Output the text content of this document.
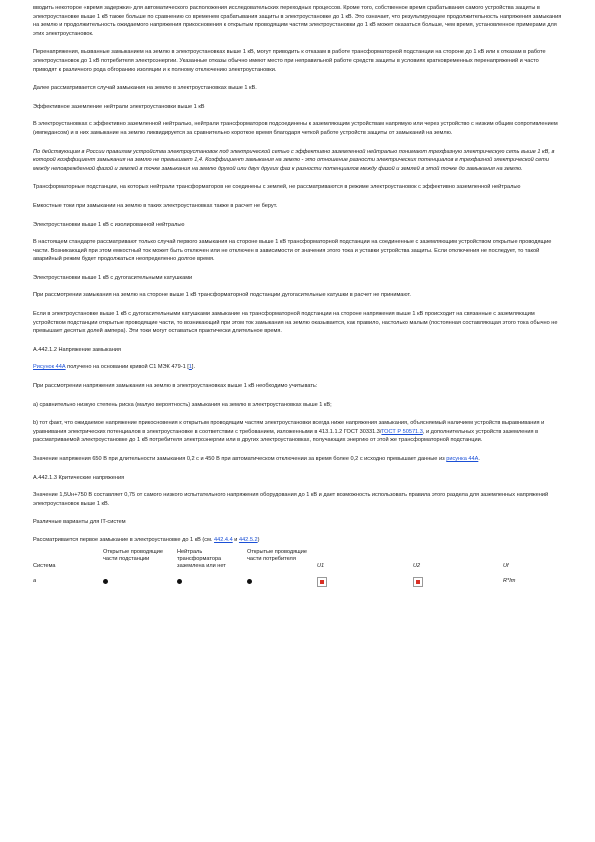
вводить некоторое «время задержки» для автоматического расположения исследовательских переходных процессов. Кроме того, собственное время срабатывания самого устройства защиты в электроустановке выше 1 кВ также больше по сравнению со временем срабатывания защиты в электроустановке до 1 кВ. Это означает, что результирующее продолжительность напряжения замыкания на землю и продолжительность ожидаемого напряжения прикосновения к открытым проводящим частям электроустановки до 1 кВ может оказаться больше, чем время, установленное примерами для этих электроустановок.

Перенапряжения, вызванные замыканием на землю в электроустановках выше 1 кВ, могут приводить к отказам в работе трансформаторной подстанции на стороне до 1 кВ или к отказам в работе электроустановок до 1 кВ потребителя электроэнергии. Указанные отказы обычно имеют место при неправильной работе средств защиты в условиях кратковременных перенапряжений и часто приводят к различного рода обгоранию изоляции и к полному отключению электроустановки.

Далее рассматривается случай замыкания на землю в электроустановках выше 1 кВ.

Эффективное заземление нейтрали электроустановки выше 1 кВ

В электроустановках с эффективно заземленной нейтралью, нейтрали трансформаторов подсоединены к заземляющим устройствам напрямую или через устройство с низким общим сопротивлением (импедансом) и в них замыкание на землю ликвидируется за сравнительно короткое время благодаря четкой работе устройств защиты от замыканий на землю.

По действующим в России правилам устройства электроустановок под электрической сетью с эффективно заземленной нейтралью понимают трехфазную электрическую сеть выше 1 кВ, в которой коэффициент замыкания на землю не превышает 1,4. Коэффициент замыкания на землю - это отношение разности электрических потенциалов в трехфазной электрической сети между неповрежденной фазой и землей в точке замыкания на землю другой или двух других фаз к разности потенциалов между фазой и землей в этой точке до замыкания на землю.

Трансформаторные подстанции, на которых нейтрали трансформаторов не соединены с землей, не рассматриваются в режиме электроустановок с эффективно заземленной нейтралью

Емкостные токи при замыкании на землю в таких электроустановках также в расчет не берут.

Электроустановки выше 1 кВ с изолированной нейтралью

В настоящем стандарте рассматривают только случай первого замыкания на стороне выше 1 кВ трансформаторной подстанции на соединенные с заземляющим устройством открытые проводящие части. Возникающий при этом емкостный ток может быть отключен или не отключен в зависимости от значения этого тока и уставки устройства защиты. Если отключения не последует, то такой аварийный режим будет продолжаться неопределенно долгое время.

Электроустановки выше 1 кВ с дугогасительными катушками

При рассмотрении замыкания на землю на стороне выше 1 кВ трансформаторной подстанции дугогасительные катушки в расчет не принимают.

Если в электроустановке выше 1 кВ с дугогасительными катушками замыкание на трансформаторной подстанции на стороне напряжения выше 1 кВ происходит на связанные с заземляющим устройством подстанции открытые проводящие части, то возникающий при этом ток замыкания на землю оказывается, как правило, настолько малым (постоянная составляющая этого тока обычно не превышает десятых долей ампера). Эти токи могут оставаться практически длительное время.

А.442.1.2 Напряжение замыкания

Рисунок 44А получено на основании кривой С1 МЭК 479-1 [1].

При рассмотрении напряжения замыкания на землю в электроустановках выше 1 кВ необходимо учитывать:

а) сравнительно низкую степень риска (малую вероятность) замыкания на землю в электроустановках выше 1 кВ;

b) тот факт, что ожидаемое напряжение прикосновения к открытым проводящим частям электроустановки всегда ниже напряжения замыкания, объясняемый наличием устройств выравнивания и уравнивания электрических потенциалов в электроустановке в соответствии с требованием, изложенными в 413.1.1.2 ГОСТ 30331.3/ГОСТ Р 50571.3, и дополнительных устройств заземления в рассматриваемой электроустановке до 1 кВ потребителя электроэнергии или в других электроустановках, получающих энергию от этой же трансформаторной подстанции.

Значение напряжения 650 В при длительности замыкания 0,2 с и 450 В при автоматическом отключении за время более 0,2 с исходно превышает данные из рисунка 44А.

А.442.1.3 Критические напряжения

Значение 1,5Uн+750 В составляет 0,75 от самого низкого испытательного напряжения оборудования до 1 кВ и дает возможность использовать правила этого раздела для заземленных напряжений электроустановок выше 1 кВ.

Различные варианты для IT-систем

Рассматривается первое замыкание в электроустановке до 1 кВ (см. 442.4.4 и 442.5.2)

Система	Открытые проводящие части подстанции	Нейтраль трансформатора заземлена или нет	Открытые проводящие части потребителя	U1	U2	Uf
a						R*Im
